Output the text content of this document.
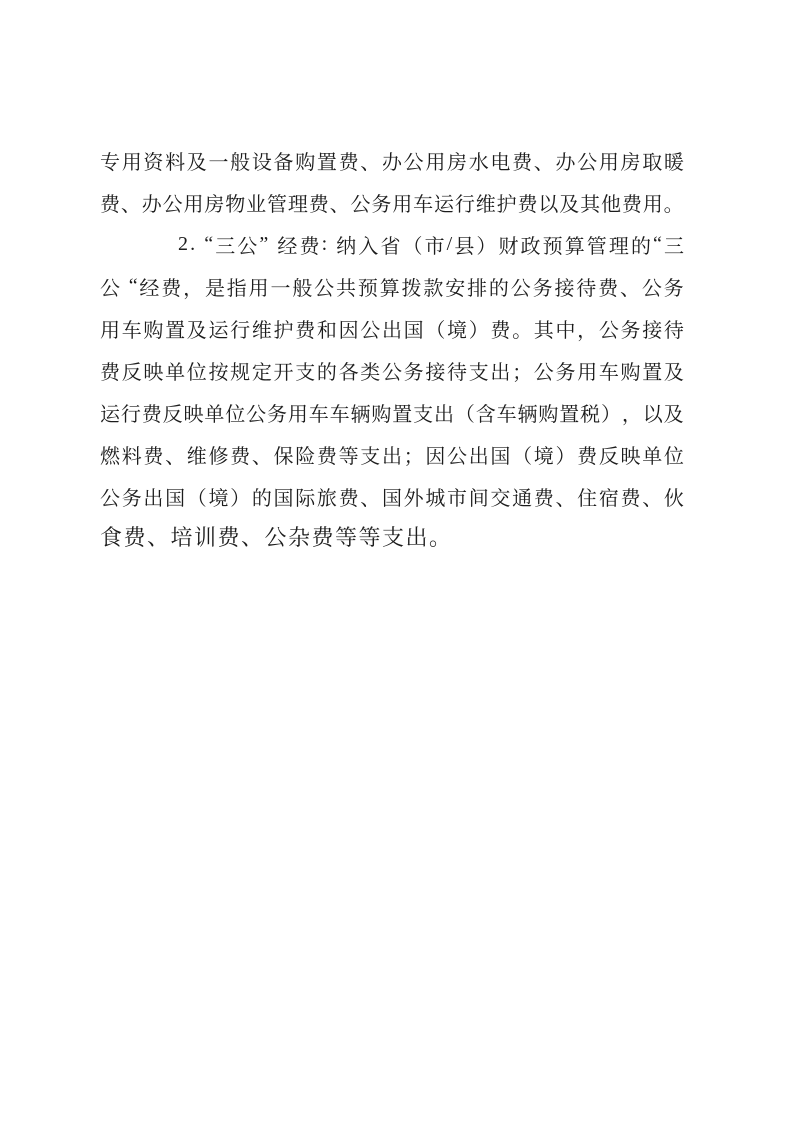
专 用 资 料 及 一 般 设 备 购 置 费 、 办 公 用 房 水 电 费 、 办 公 用 房 取 暖
费 、 办 公 用 房 物 业 管 理 费 、 公 务 用 车 运 行 维 护 费 以 及 其 他 费 用 。
2 .
“ 三 公 ”
经 费 :
纳 入 省 （ 市 / 县 ） 财 政 预 算 管 理 的 “ 三
公
“ 经 费 ， 是 指 用 一 般 公 共 预 算 拨 款 安 排 的 公 务 接 待 费 、 公 务
用 车 购 置 及 运 行 维 护 费 和 因 公 出 国 （ 境 ） 费 。 其 中 ， 公 务 接 待
费 反 映 单 位 按 规 定 开 支 的 各 类 公 务 接 待 支 出 ； 公 务 用 车 购 置 及
运 行 费 反 映 单 位 公 务 用 车 车 辆 购 置 支 出 （ 含 车 辆 购 置 税 ） ， 以 及
燃 料 费 、 维 修 费 、 保 险 费 等 支 出 ； 因 公 出 国 （ 境 ） 费 反 映 单 位
公 务 出 国 （ 境 ） 的 国 际 旅 费 、 国 外 城 市 间 交 通 费 、 住 宿 费 、 伙
食费、培训费、公杂费等等支出。
